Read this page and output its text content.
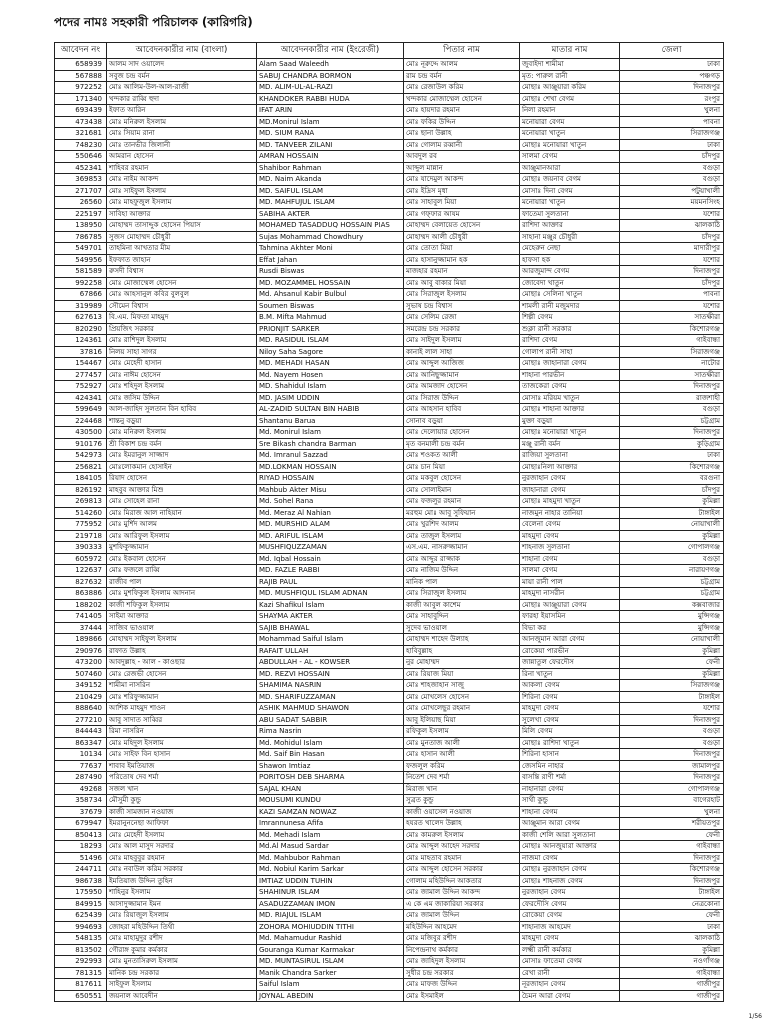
পদের নামঃ সহকারী পরিচালক (কারিগরি)
আবেদন নং	আবেদনকারীর নাম (বাংলা)	আবেদনকারীর নাম (ইংরেজী)	পিতার নাম	মাতার নাম	জেলা
658939	আলম সাদ ওয়ালেদ	Alam Saad Waleedh	মোঃ নূরুদ্দে আলম	জুবাইদা শামীমা	ঢাকা
567888	সবুজ চন্দ্র বর্মন	SABUJ CHANDRA BORMON	রাম চন্দ্র বর্মন	মৃত: পারুল রানী	পঞ্চগড়
972252	মোঃ আলিম-উল-আল-রাজী	MD. ALIM-UL-AL-RAZI	মোঃ রেজাউল করিম	মোছাঃ আঞ্জুয়ারা করিম	দিনাজপুর
171340	খন্দকার রাব্বি হুদা	KHANDOKER RABBI HUDA	খন্দকার মোজাম্মেল হোসেন	মোছাঃ শেখা বেগম	রংপুর
693439	ইফাত আরিন	IFAT ARIN	মোঃ হায়দার রহমান	নিলা রহমান	খুলনা
473438	মোঃ মনিরুল ইসলাম	MD.Monirul Islam	মোঃ ফকির উদ্দিন	মনোয়ারা বেগম	পাবনা
321681	মোঃ সিয়াম রানা	MD. SIUM RANA	মোঃ ছানা উল্লাহ	মনোয়ারা খাতুন	সিরাজগঞ্জ
748230	মোঃ তানভীর জিলানী	MD. TANVEER ZILANI	মোঃ গোলাম রব্বানী	মোছাঃ মনোয়ারা খাতুন	ঢাকা
550646	আমরান হোসেন	AMRAN HOSSAIN	আবদুল রব	সালমা বেগম	চাঁদপুর
452341	শাহিবর রহমান	Shahibor Rahman	আব্দুল মান্নান	আঞ্জুমানআরা	বগুড়া
369853	মোঃ নাইম আকন্দ	MD. Naim Akanda	মোঃ যাদেমুল আকন্দ	মোছাঃ জয়নাব বেগম	বগুড়া
271707	মোঃ সাইফুল ইসলাম	MD. SAIFUL ISLAM	মোঃ ইদ্রিস মৃধা	মোসাঃ দিনা বেগম	পটুয়াখালী
26560	মোঃ মাহফুজুল ইসলাম	MD. MAHFUJUL ISLAM	মোঃ সাহাবুল মিয়া	মনোয়ারা খাতুন	ময়মনসিংহ
225197	সাবিহা আক্তার	SABIHA AKTER	মোঃ গফ্ফার আযম	ফাতেমা সুলতানা	যশোর
138950	মোহাম্মদ তাসাদ্দুক হোসেন পিয়াস	MOHAMED TASADDUQ HOSSAIN PIAS	মোহাম্মদ বেলায়েত হোসেন	রাশিদা আক্তার	ঝালকাঠি
786785	সুজস মোহাম্মদ চৌধুরী	Sujas Mohammad Chowdhury	মোহাম্মদ আলী চৌধুরী	সাহানা মঞ্জুর চৌধুরী	চাঁদপুর
549701	তাহমিনা আখতার মীম	Tahmina Akhter Moni	মোঃ তোতা মিয়া	মেহেরুন নেছা	মাদারীপুর
549956	ইফফাত জাহান	Effat Jahan	মোঃ হাসানুজ্জামান হক	হাফসা হক	যশোর
581589	রুসদী বিশ্বাস	Rusdi Biswas	মাজহার রহমান	আরজুমান্দ বেগম	দিনাজপুর
992258	মোঃ মোজাম্মেল হোসেন	MD. MOZAMMEL HOSSAIN	মোঃ আবু বাকার মিয়া	জোবেদা খাতুন	চাঁদপুর
67866	মোঃ আহসানুল কবির বুলবুল	Md. Ahsanul Kabir Bulbul	মোঃ সিরাজুল ইসলাম	মোছাঃ সেলিনা খাতুন	পাবনা
319989	সৌমেন বিশ্বাস	Soumen Biswas	সুভাষ চন্দ্র বিশ্বাস	শামলী রানী মজুমদার	যশোর
627613	বি.এম. মিফতা মাহমুদ	B.M. Mifta Mahmud	মোঃ সেলিম রেজা	শিল্পী বেগম	সাতক্ষীরা
820290	প্রিয়জিৎ সরকার	PRIONJIT SARKER	সমরেন্দ্র চন্দ্র সরকার	শুক্লা রানী সরকার	কিশোরগঞ্জ
124361	মোঃ রাশিদুল ইসলাম	MD. RASIDUL ISLAM	মোঃ সাইদুল ইসলাম	রাশিদা বেগম	গাইবান্ধা
37816	নিলয় সাহা সাগর	Niloy Saha Sagore	কানাই লাল সাহা	গোলাপ রানী সাহা	সিরাজগঞ্জ
154467	মোঃ মেহেদী হাসান	MD. MEHADI HASAN	মোঃ আব্দুল আজিজ	মোছাঃ জাহানারা বেগম	নাটোর
277457	মোঃ নাঈম হোসেন	Md. Nayem Hosen	মোঃ আনিছুজ্জামান	শাহানা পারভীন	সাতক্ষীরা
752927	মোঃ শহিদুল ইসলাম	MD. Shahidul Islam	মোঃ আমজাদ হোসেন	তাজকেরা বেগম	দিনাজপুর
424341	মোঃ জসিম উদ্দিন	MD. JASIM UDDIN	মোঃ সিরাজ উদ্দিন	মোসাঃ মরিয়ম খাতুন	রাজশাহী
599649	আল-জাহিদ সুলতান বিন হাবিব	AL-ZADID SULTAN BIN HABIB	মোঃ আহসান হাবিব	মোছাঃ শাহানা আক্তার	বগুড়া
224468	শান্তনু বড়ুয়া	Shantanu Barua	সোনাব বড়ুয়া	মুক্তা বড়ুয়া	চট্টগ্রাম
430500	মোঃ মনিরুল ইসলাম	Md. Monirul Islam	মোঃ দেলোয়ার হোসেন	মোছাঃ মনোয়ারা খাতুন	দিনাজপুর
910176	শ্রী বিকাশ চন্দ্র বর্মন	Sre Bikash chandra Barman	মৃত বনমালী চন্দ্র বর্মন	মঞ্জু রানী বর্মন	কুড়িগ্রাম
542973	মোঃ ইমরানুল সাজ্জাদ	Md. Imranul Sazzad	মোঃ শওকত আলী	রাজিয়া সুলতানা	ঢাকা
256821	মোঃলোকমান হোসাইন	MD.LOKMAN HOSSAIN	মোঃ চান মিয়া	মোছাঃনিলা আক্তার	কিশোরগঞ্জ
184105	রিয়াদ হোসেন	RIYAD HOSSAIN	মোঃ মকবুল হোসেন	নুরজাহান বেগম	বরগুনা
826192	মাহবুব আক্তার মিশু	Mahbub Akter Misu	মোঃ সোলাইমান	জাহানারা বেগম	চাঁদপুর
269813	মোঃ সোহেল রানা	Md. Sohel Rana	মোঃ ফজলুর রহমান	মোছাঃ মাহমুদা খাতুন	কুমিল্লা
514260	মোঃ মিরাজ আল নাহিয়ান	Md. Meraz Al Nahian	মরহুম মোঃ আবু সুফিয়ান	নাজমুন নাহার তানিয়া	টাঙ্গাইল
775952	মোঃ মুর্শিদ আলম	MD. MURSHID ALAM	মোঃ খুরশিদ আলম	বেলেনা বেগম	নোয়াখালী
219718	মোঃ আরিফুল ইসলাম	MD. ARIFUL ISLAM	মোঃ তাজুল ইসলাম	মাহমুদা বেগম	কুমিল্লা
390333	মুশফিকুজ্জামান	MUSHFIQUZZAMAN	এস.এম. নাসরুজ্জামান	শাহনাজ সুলতানা	গোপালগঞ্জ
605972	মোঃ ইকবাল হোসেন	Md. Iqbal Hossain	মোঃ আব্দুর রাজ্জাক	শাহানা বেগম	বগুড়া
122637	মোঃ ফজলে রাব্বি	MD. FAZLE RABBI	মোঃ নাজিম উদ্দিন	সালমা বেগম	নারায়ণগঞ্জ
827632	রাজীব পাল	RAJIB PAUL	মানিক পাল	মায়া রানী পাল	চট্টগ্রাম
863886	মোঃ মুশফিকুল ইসলাম আদনান	MD. MUSHFIQUL ISLAM ADNAN	মোঃ সিরাজুল ইসলাম	মাহমুদা নাসরীন	চট্টগ্রাম
188202	কাজী শফিকুল ইসলাম	Kazi Shafikul Islam	কাজী আবুল কাশেম	মোছাঃ আঞ্জুয়ারা বেগম	কক্সবাজার
741405	সাইমা আক্তার	SHAYMA AKTER	মোঃ সাহাবুদ্দিন	ফারহা ইয়াসমিন	মুন্সিগঞ্জ
37444	সাজিব ভাওয়াল	SAJIB BHAWAL	সুদেব ভাওয়াল	বিভা কর	মুন্সিগঞ্জ
189866	মোহাম্মদ সাইফুল ইসলাম	Mohammad Saiful Islam	মোহাম্মদ শাহেদ উল্যাহ	আনজুমান আরা বেগম	নোয়াখালী
290976	রাফাত উল্লাহ	RAFAIT ULLAH	হাবিবুল্লাহ	রোকেয়া পারভীন	কুমিল্লা
473200	আবদুল্লাহ - আল - কাওছার	ABDULLAH - AL - KOWSER	নুর মোহাম্মদ	জান্নাতুল ফেরদৌস	ফেনী
507460	মোঃ রেজভী হোসেন	MD. REZVI HOSSAIN	মোঃ রিয়াজ মিয়া	রিনা খাতুন	কুমিল্লা
349152	শামীমা নাসরিন	SHAMIMA NASRIN	মোঃ শাহজাহান সাজু	আকলা বেগম	সিরাজগঞ্জ
210429	মোঃ শরিফুজ্জামান	MD. SHARIFUZZAMAN	মোঃ মোখলেস হোসেন	শিরিনা বেগম	টাঙ্গাইল
888640	আশিক মাহমুদ শাওন	ASHIK MAHMUD SHAWON	মোঃ মোখলেছুর রহমান	মাহমুদা বেগম	যশোর
277210	আবু সাদাত সাব্বির	ABU SADAT SABBIR	আবু ইলিয়াছ মিয়া	সুলেখা বেগম	দিনাজপুর
844443	রিমা নাসরিন	Rima Nasrin	রফিকুল ইসলাম	মিলি বেগম	বগুড়া
863347	মোঃ মহিদুল ইসলাম	Md. Mohidul Islam	মোঃ মুনতাজ আলী	মোছাঃ রাশিদা খাতুন	বগুড়া
10134	মোঃ সাইফ বিন হাসান	Md. Saif Bin Hasan	মোঃ হাসান আলী	শিরিনা হাসান	দিনাজপুর
77637	শাবাব ইমতিয়াজ	Shawon Imtiaz	ফজলুল করিম	জেসমিন নাহার	জামালপুর
287490	পরিতোষ দেব শর্মা	PORITOSH DEB SHARMA	নিতেশ দেব শর্মা	বাসন্তি রাণী শর্মা	দিনাজপুর
49268	সজল খান	SAJAL KHAN	মিরাজ খান	নাহানারা বেগম	গোপালগঞ্জ
358734	মৌসুমী কুন্ডু	MOUSUMI KUNDU	সুব্রত কুন্ডু	সাথী কুন্ডু	বাগেরহাট
37679	কাজী সামজান নওয়াজ	KAZI SAMZAN NOWAZ	কাজী ওয়াসেল নওয়াজ	শাহানা বেগম	খুলনা
679947	ইমরানুননেছা আফিফা	Imrannunesa Afifa	হযরত খালেদ উল্লাহ	আঞ্জুমান আরা বেগম	শরীয়তপুর
850413	মোঃ মেহেদী ইসলাম	Md. Mehadi Islam	মোঃ কামরুল ইসলাম	কাজী শেলি আরা সুলতানা	ফেনী
18293	মোঃ আল মাসুদ সরদার	Md.Al Masud Sardar	মোঃ আব্দুল আহেদ সরদার	মোছাঃ আনজুয়ারা আক্তার	গাইবান্ধা
51496	মোঃ মাহবুবুর রহমান	Md. Mahbubor Rahman	মোঃ মাহতাব রহমান	নাজমা বেগম	দিনাজপুর
244711	মোঃ নবাউল করিম সরকার	Md. Nobiul Karim Sarkar	মোঃ আব্দুল হোসেন সরকার	মোছাঃ নুরজাহান বেগম	কিশোরগঞ্জ
986738	ইমতিয়াজ উদ্দিন তুহিন	IMTIAZ UDDIN TUHIN	গোলাম মহিউদ্দিন আকতার	মোছাঃ শাহনাজ বেগম	দিনাজপুর
175950	শাহিনুর ইসলাম	SHAHINUR ISLAM	মোঃ জামাল উদ্দিন আকন্দ	নুরজাহান বেগম	টাঙ্গাইল
849915	আসাদুজ্জামান ইমন	ASADUZZAMAN IMON	এ কে এম জাকারিয়া সরকার	ফেরদৌসি বেগম	নেত্রকোনা
625439	মোঃ রিয়াজুল ইসলাম	MD. RIAJUL ISLAM	মোঃ জামাল উদ্দিন	রোকেয়া বেগম	ফেনী
994693	জোহরা মহিউদ্দিন তিথী	ZOHORA MOHIUDDIN TITHI	মহিউদ্দিন আহমেদ	শাহানাজ আহমেদ	ঢাকা
548135	মোঃ মাহামুদুর রশীদ	Md. Mahamudur Rashid	মোঃ মজিবুর রশীদ	মাহমুদা বেগম	ঝালকাঠি
813502	গৌরাঙ্গ কুমার কর্মকার	Gouranga Kumar Karmakar	নিপেন্দ্রনাথ কর্মকার	লক্ষ্মী রানী কর্মকার	কুমিল্লা
292993	মোঃ মুনতাসিরুল ইসলাম	MD. MUNTASIRUL ISLAM	মোঃ জাহিদুল ইসলাম	মোসাঃ ফাতেমা বেগম	নওগাঁগঞ্জ
781315	মানিক চন্দ্র সরকার	Manik Chandra Sarker	সুধীর চন্দ্র সরকার	রেখা রানী	গাইবান্ধা
817611	সাইফুল ইসলাম	Saiful Islam	মোঃ মাফজ উদ্দিন	নূরজাহান বেগম	গাজীপুর
650551	জয়নাল আবেদীন	JOYNAL ABEDIN	মোঃ ইসমাইল	চৈমন আরা বেগম	গাজীপুর
1/56
